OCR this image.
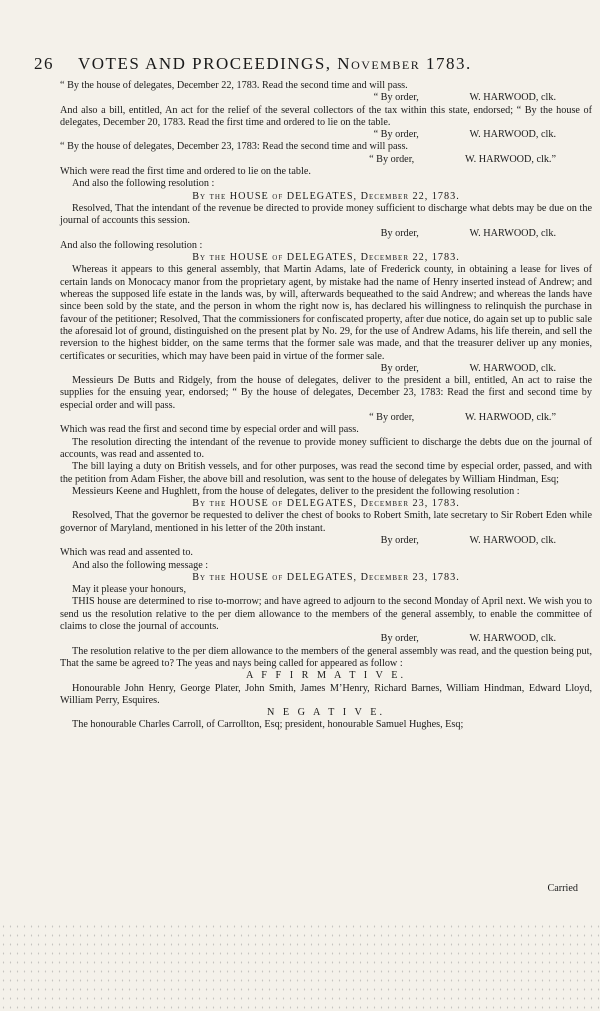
26 VOTES AND PROCEEDINGS, November 1783.

“ By the house of delegates, December 22, 1783. Read the second time and will pass.

“ By order,                    W. HARWOOD, clk.

And also a bill, entitled, An act for the relief of the several collectors of the tax within this state, endorsed; “ By the house of delegates, December 20, 1783. Read the first time and ordered to lie on the table.

“ By order,                    W. HARWOOD, clk.

“ By the house of delegates, December 23, 1783: Read the second time and will pass.

“ By order,                    W. HARWOOD, clk.”

Which were read the first time and ordered to lie on the table.

And also the following resolution :

By the HOUSE of DELEGATES, December 22, 1783.

Resolved, That the intendant of the revenue be directed to provide money sufficient to discharge what debts may be due on the journal of accounts this session.

By order,                    W. HARWOOD, clk.

And also the following resolution :

By the HOUSE of DELEGATES, December 22, 1783.

Whereas it appears to this general assembly, that Martin Adams, late of Frederick county, in obtaining a lease for lives of certain lands on Monocacy manor from the proprietary agent, by mistake had the name of Henry inserted instead of Andrew; and whereas the supposed life estate in the lands was, by will, afterwards bequeathed to the said Andrew; and whereas the lands have since been sold by the state, and the person in whom the right now is, has declared his willingness to relinquish the purchase in favour of the petitioner; Resolved, That the commissioners for confiscated property, after due notice, do again set up to public sale the aforesaid lot of ground, distinguished on the present plat by No. 29, for the use of Andrew Adams, his life therein, and sell the reversion to the highest bidder, on the same terms that the former sale was made, and that the treasurer deliver up any monies, certificates or securities, which may have been paid in virtue of the former sale.

By order,                    W. HARWOOD, clk.

Messieurs De Butts and Ridgely, from the house of delegates, deliver to the president a bill, entitled, An act to raise the supplies for the ensuing year, endorsed; “ By the house of delegates, December 23, 1783: Read the first and second time by especial order and will pass.

“ By order,                    W. HARWOOD, clk.”

Which was read the first and second time by especial order and will pass.

The resolution directing the intendant of the revenue to provide money sufficient to discharge the debts due on the journal of accounts, was read and assented to.

The bill laying a duty on British vessels, and for other purposes, was read the second time by especial order, passed, and with the petition from Adam Fisher, the above bill and resolution, was sent to the house of delegates by William Hindman, Esq;

Messieurs Keene and Hughlett, from the house of delegates, deliver to the president the following resolution :

By the HOUSE of DELEGATES, December 23, 1783.

Resolved, That the governor be requested to deliver the chest of books to Robert Smith, late secretary to Sir Robert Eden while governor of Maryland, mentioned in his letter of the 20th instant.

By order,                    W. HARWOOD, clk.

Which was read and assented to.

And also the following message :

By the HOUSE of DELEGATES, December 23, 1783.

May it please your honours,

THIS house are determined to rise to-morrow; and have agreed to adjourn to the second Monday of April next. We wish you to send us the resolution relative to the per diem allowance to the members of the general assembly, to enable the committee of claims to close the journal of accounts.

By order,                    W. HARWOOD, clk.

The resolution relative to the per diem allowance to the members of the general assembly was read, and the question being put, That the same be agreed to? The yeas and nays being called for appeared as follow :

A F F I R M A T I V E.

Honourable John Henry, George Plater, John Smith, James M’Henry, Richard Barnes, William Hindman, Edward Lloyd, William Perry, Esquires.

N E G A T I V E.

The honourable Charles Carroll, of Carrollton, Esq; president, honourable Samuel Hughes, Esq;

Carried
